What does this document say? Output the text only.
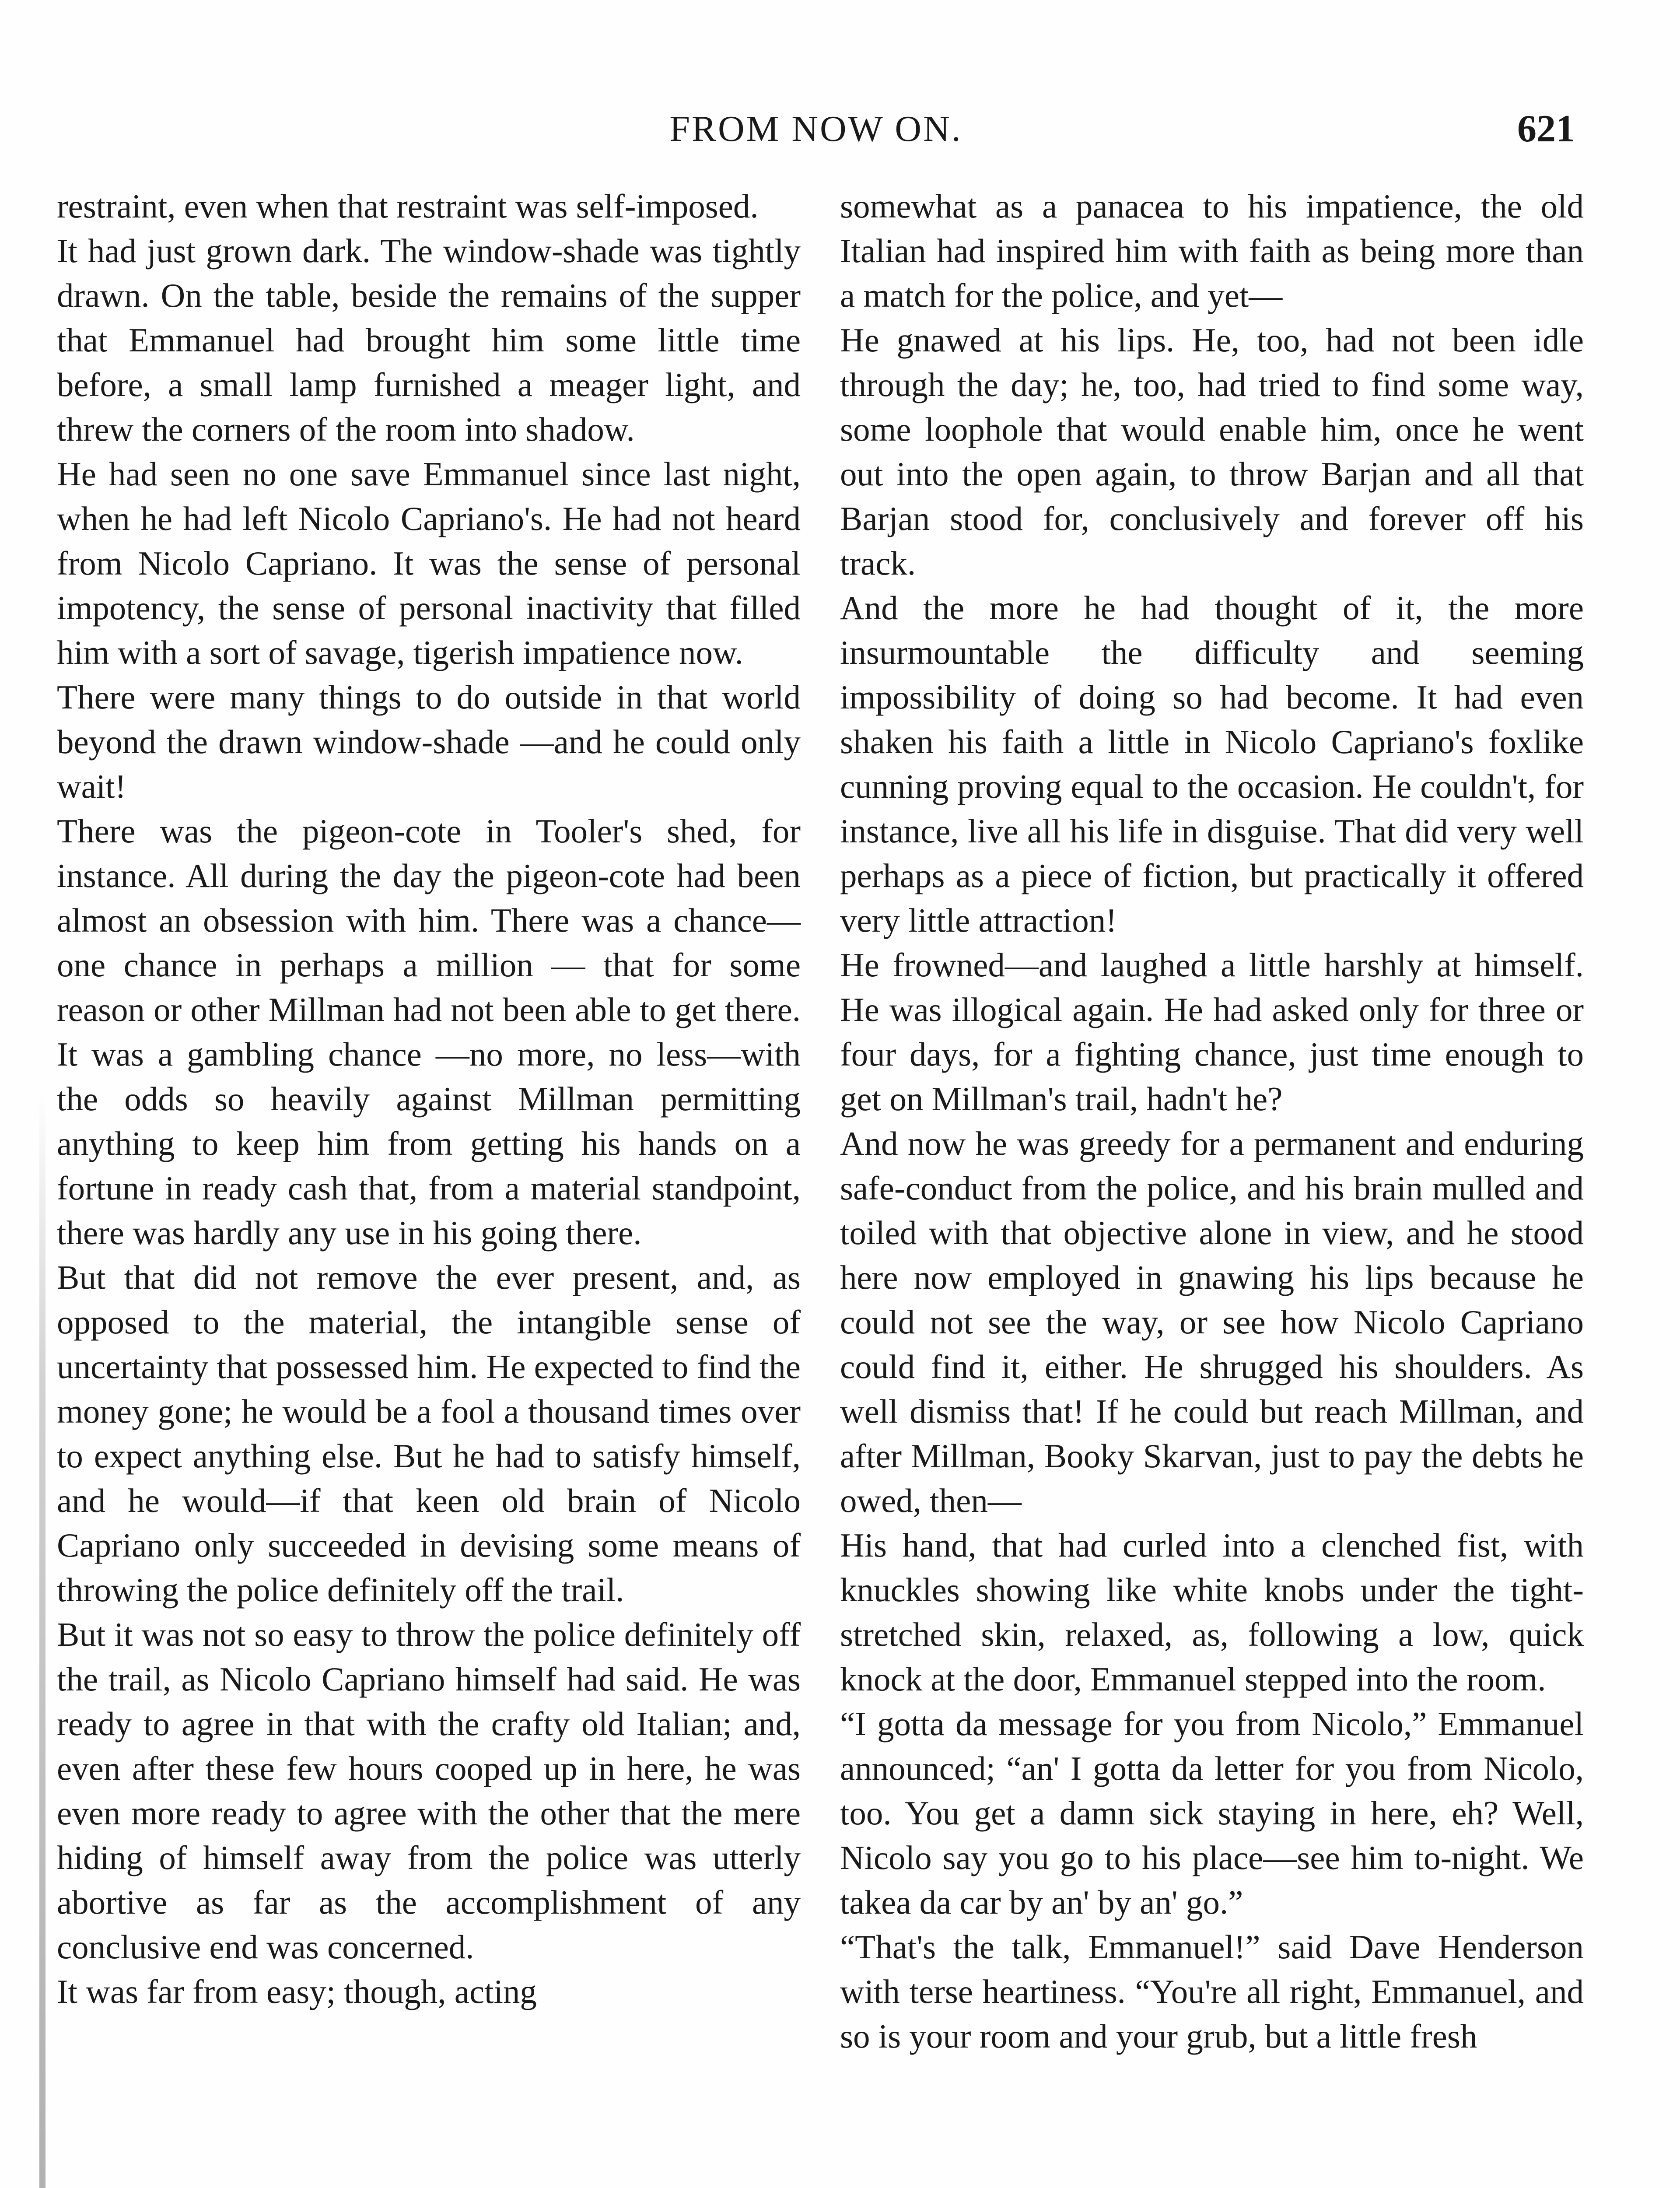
FROM NOW ON.	621

restraint, even when that restraint was self-imposed.

It had just grown dark. The window-shade was tightly drawn. On the table, beside the remains of the supper that Emmanuel had brought him some little time before, a small lamp furnished a meager light, and threw the corners of the room into shadow.

He had seen no one save Emmanuel since last night, when he had left Nicolo Capriano's. He had not heard from Nicolo Capriano. It was the sense of personal impotency, the sense of personal inactivity that filled him with a sort of savage, tigerish impatience now.

There were many things to do outside in that world beyond the drawn window-shade —and he could only wait!

There was the pigeon-cote in Tooler's shed, for instance. All during the day the pigeon-cote had been almost an obsession with him. There was a chance—one chance in perhaps a million — that for some reason or other Millman had not been able to get there. It was a gambling chance —no more, no less—with the odds so heavily against Millman permitting anything to keep him from getting his hands on a fortune in ready cash that, from a material standpoint, there was hardly any use in his going there.

But that did not remove the ever present, and, as opposed to the material, the intangible sense of uncertainty that possessed him. He expected to find the money gone; he would be a fool a thousand times over to expect anything else. But he had to satisfy himself, and he would—if that keen old brain of Nicolo Capriano only succeeded in devising some means of throwing the police definitely off the trail.

But it was not so easy to throw the police definitely off the trail, as Nicolo Capriano himself had said. He was ready to agree in that with the crafty old Italian; and, even after these few hours cooped up in here, he was even more ready to agree with the other that the mere hiding of himself away from the police was utterly abortive as far as the accomplishment of any conclusive end was concerned.

It was far from easy; though, acting

somewhat as a panacea to his impatience, the old Italian had inspired him with faith as being more than a match for the police, and yet—

He gnawed at his lips. He, too, had not been idle through the day; he, too, had tried to find some way, some loophole that would enable him, once he went out into the open again, to throw Barjan and all that Barjan stood for, conclusively and forever off his track.

And the more he had thought of it, the more insurmountable the difficulty and seeming impossibility of doing so had become. It had even shaken his faith a little in Nicolo Capriano's foxlike cunning proving equal to the occasion. He couldn't, for instance, live all his life in disguise. That did very well perhaps as a piece of fiction, but practically it offered very little attraction!

He frowned—and laughed a little harshly at himself. He was illogical again. He had asked only for three or four days, for a fighting chance, just time enough to get on Millman's trail, hadn't he?

And now he was greedy for a permanent and enduring safe-conduct from the police, and his brain mulled and toiled with that objective alone in view, and he stood here now employed in gnawing his lips because he could not see the way, or see how Nicolo Capriano could find it, either. He shrugged his shoulders. As well dismiss that! If he could but reach Millman, and after Millman, Booky Skarvan, just to pay the debts he owed, then—

His hand, that had curled into a clenched fist, with knuckles showing like white knobs under the tight-stretched skin, relaxed, as, following a low, quick knock at the door, Emmanuel stepped into the room.

“I gotta da message for you from Nicolo,” Emmanuel announced; “an' I gotta da letter for you from Nicolo, too. You get a damn sick staying in here, eh? Well, Nicolo say you go to his place—see him to-night. We takea da car by an' by an' go.”

“That's the talk, Emmanuel!” said Dave Henderson with terse heartiness. “You're all right, Emmanuel, and so is your room and your grub, but a little fresh
